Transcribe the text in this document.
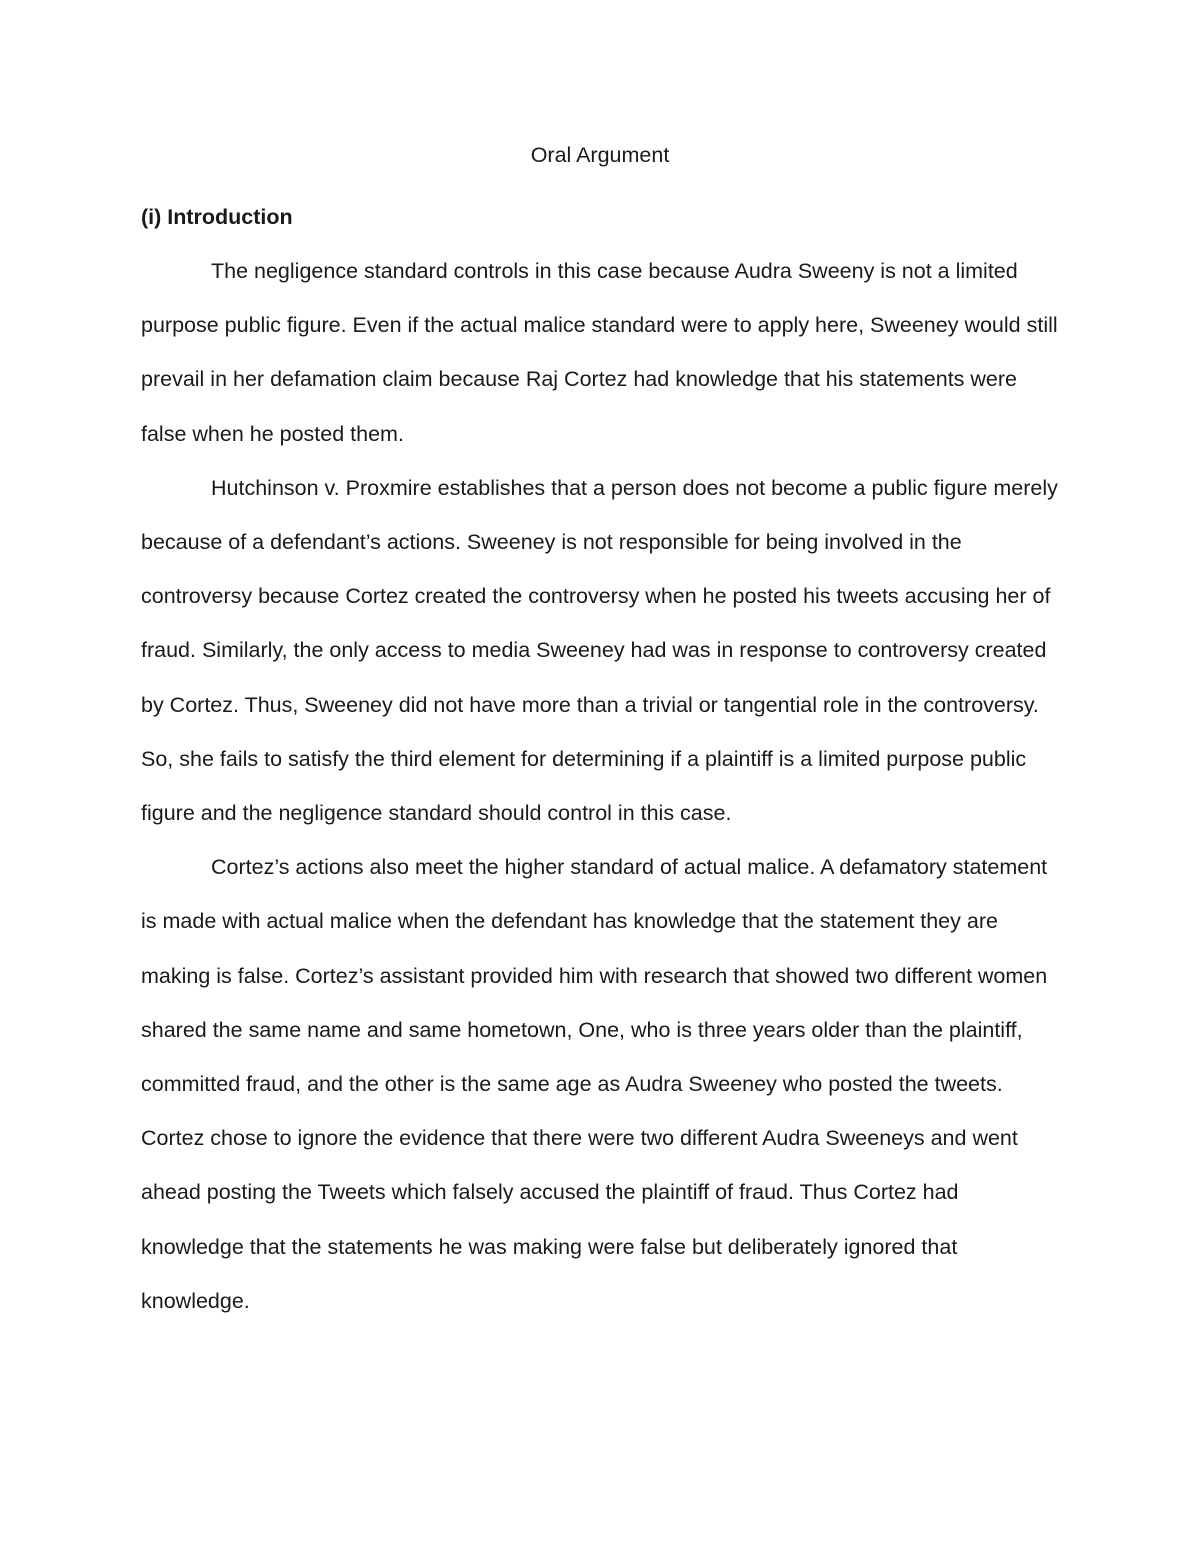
Oral Argument
(i) Introduction

The negligence standard controls in this case because Audra Sweeny is not a limited purpose public figure. Even if the actual malice standard were to apply here, Sweeney would still prevail in her defamation claim because Raj Cortez had knowledge that his statements were false when he posted them.

Hutchinson v. Proxmire establishes that a person does not become a public figure merely because of a defendant’s actions. Sweeney is not responsible for being involved in the controversy because Cortez created the controversy when he posted his tweets accusing her of fraud. Similarly, the only access to media Sweeney had was in response to controversy created by Cortez. Thus, Sweeney did not have more than a trivial or tangential role in the controversy. So, she fails to satisfy the third element for determining if a plaintiff is a limited purpose public figure and the negligence standard should control in this case.

Cortez’s actions also meet the higher standard of actual malice. A defamatory statement is made with actual malice when the defendant has knowledge that the statement they are making is false. Cortez’s assistant provided him with research that showed two different women shared the same name and same hometown, One, who is three years older than the plaintiff, committed fraud, and the other is the same age as Audra Sweeney who posted the tweets. Cortez chose to ignore the evidence that there were two different Audra Sweeneys and went ahead posting the Tweets which falsely accused the plaintiff of fraud. Thus Cortez had knowledge that the statements he was making were false but deliberately ignored that knowledge.
